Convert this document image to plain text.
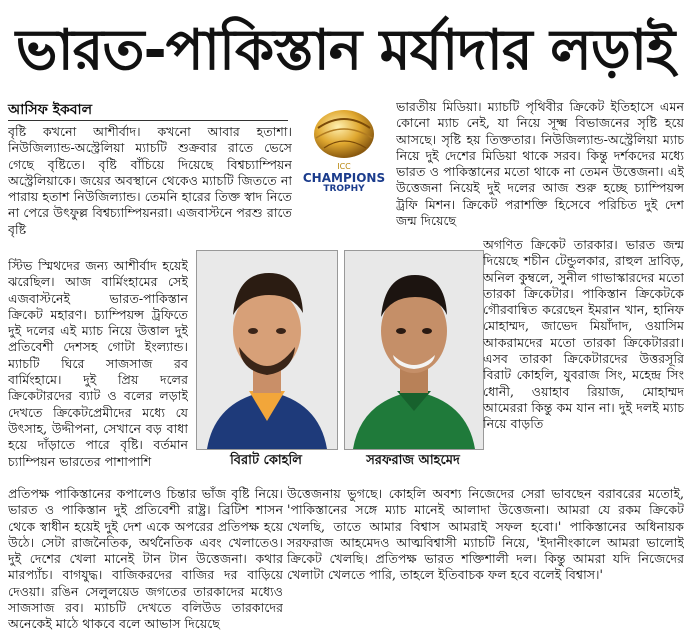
ভারত-পাকিস্তান মর্যাদার লড়াই
আসিফ ইকবাল

বৃষ্টি কখনো আশীর্বাদ। কখনো আবার হতাশা। নিউজিল্যান্ড-অস্ট্রেলিয়া ম্যাচটি শুক্রবার রাতে ভেসে গেছে বৃষ্টিতে। বৃষ্টি বাঁচিয়ে দিয়েছে বিশ্বচ্যাম্পিয়ন অস্ট্রেলিয়াকে। জয়ের অবস্থানে থেকেও ম্যাচটি জিততে না পারায় হতাশ নিউজিল্যান্ড। তেমনি হারের তিক্ত স্বাদ নিতে না পেরে উৎফুল্ল বিশ্বচ্যাম্পিয়নরা। এজবাস্টনে পরশু রাতে বৃষ্টি

স্টিভ স্মিথদের জন্য আশীর্বাদ হয়েই ঝরেছিল। আজ বার্মিংহামের সেই এজবাস্টনেই ভারত-পাকিস্তান ক্রিকেট মহারণ। চ্যাম্পিয়ন্স ট্রফিতে দুই দলের এই ম্যাচ নিয়ে উত্তাল দুই প্রতিবেশী দেশসহ গোটা ইংল্যান্ড। ম্যাচটি ঘিরে সাজসাজ রব বার্মিংহামে। দুই প্রিয় দলের ক্রিকেটারদের ব্যাট ও বলের লড়াই দেখতে ক্রিকেটপ্রেমীদের মধ্যে যে উৎসাহ, উদ্দীপনা, সেখানে বড় বাধা হয়ে দাঁড়াতে পারে বৃষ্টি। বর্তমান চ্যাম্পিয়ন ভারতের পাশাপাশি

ICC
CHAMPIONS
TROPHY

ভারতীয় মিডিয়া। ম্যাচটি পৃথিবীর ক্রিকেট ইতিহাসে এমন কোনো ম্যাচ নেই, যা নিয়ে সূক্ষ্ম বিভাজনের সৃষ্টি হয়ে আসছে। সৃষ্টি হয় তিক্ততার। নিউজিল্যান্ড-অস্ট্রেলিয়া ম্যাচ নিয়ে দুই দেশের মিডিয়া থাকে সরব। কিন্তু দর্শকদের মধ্যে ভারত ও পাকিস্তানের মতো থাকে না তেমন উত্তেজনা। এই উত্তেজনা নিয়েই দুই দলের আজ শুরু হচ্ছে চ্যাম্পিয়ন্স ট্রফি মিশন। ক্রিকেট পরাশক্তি হিসেবে পরিচিত দুই দেশ জন্ম দিয়েছে

বিরাট কোহলি	সরফরাজ আহমেদ

অগণিত ক্রিকেট তারকার। ভারত জন্ম দিয়েছে শচীন টেন্ডুলকার, রাহুল দ্রাবিড়, অনিল কুম্বলে, সুনীল গাভাস্কারদের মতো তারকা ক্রিকেটার। পাকিস্তান ক্রিকেটকে গৌরবান্বিত করেছেন ইমরান খান, হানিফ মোহাম্মদ, জাভেদ মিয়াঁদাদ, ওয়াসিম আকরামদের মতো তারকা ক্রিকেটাররা। এসব তারকা ক্রিকেটারদের উত্তরসূরি বিরাট কোহলি, যুবরাজ সিং, মহেন্দ্র সিং ধোনী, ওয়াহাব রিয়াজ, মোহাম্মদ আমেররা কিন্তু কম যান না। দুই দলই ম্যাচ নিয়ে বাড়তি

প্রতিপক্ষ পাকিস্তানের কপালেও চিন্তার ভাঁজ বৃষ্টি নিয়ে। ভারত ও পাকিস্তান দুই প্রতিবেশী রাষ্ট্র। ব্রিটিশ শাসন থেকে স্বাধীন হয়েই দুই দেশ একে অপরের প্রতিপক্ষ হয়ে উঠে। সেটা রাজনৈতিক, অর্থনৈতিক এবং খেলাতেও। দুই দেশের খেলা মানেই টান টান উত্তেজনা। কথার মারপ্যাঁচ। বাগযুদ্ধ। বাজিকরদের বাজির দর বাড়িয়ে দেওয়া। রঙিন সেলুলয়েড জগতের তারকাদের মধ্যেও সাজসাজ রব। ম্যাচটি দেখতে বলিউড তারকাদের অনেকেই মাঠে থাকবে বলে আভাস দিয়েছে

উত্তেজনায় ভুগছে। কোহলি অবশ্য নিজেদের সেরা ভাবছেন বরাবরের মতোই, 'পাকিস্তানের সঙ্গে ম্যাচ মানেই আলাদা উত্তেজনা। আমরা যে রকম ক্রিকেট খেলছি, তাতে আমার বিশ্বাস আমরাই সফল হবো।' পাকিস্তানের অধিনায়ক সরফরাজ আহমেদও আত্মবিশ্বাসী ম্যাচটি নিয়ে, 'ইদানীংকালে আমরা ভালোই ক্রিকেট খেলছি। প্রতিপক্ষ ভারত শক্তিশালী দল। কিন্তু আমরা যদি নিজেদের খেলাটা খেলতে পারি, তাহলে ইতিবাচক ফল হবে বলেই বিশ্বাস।'
